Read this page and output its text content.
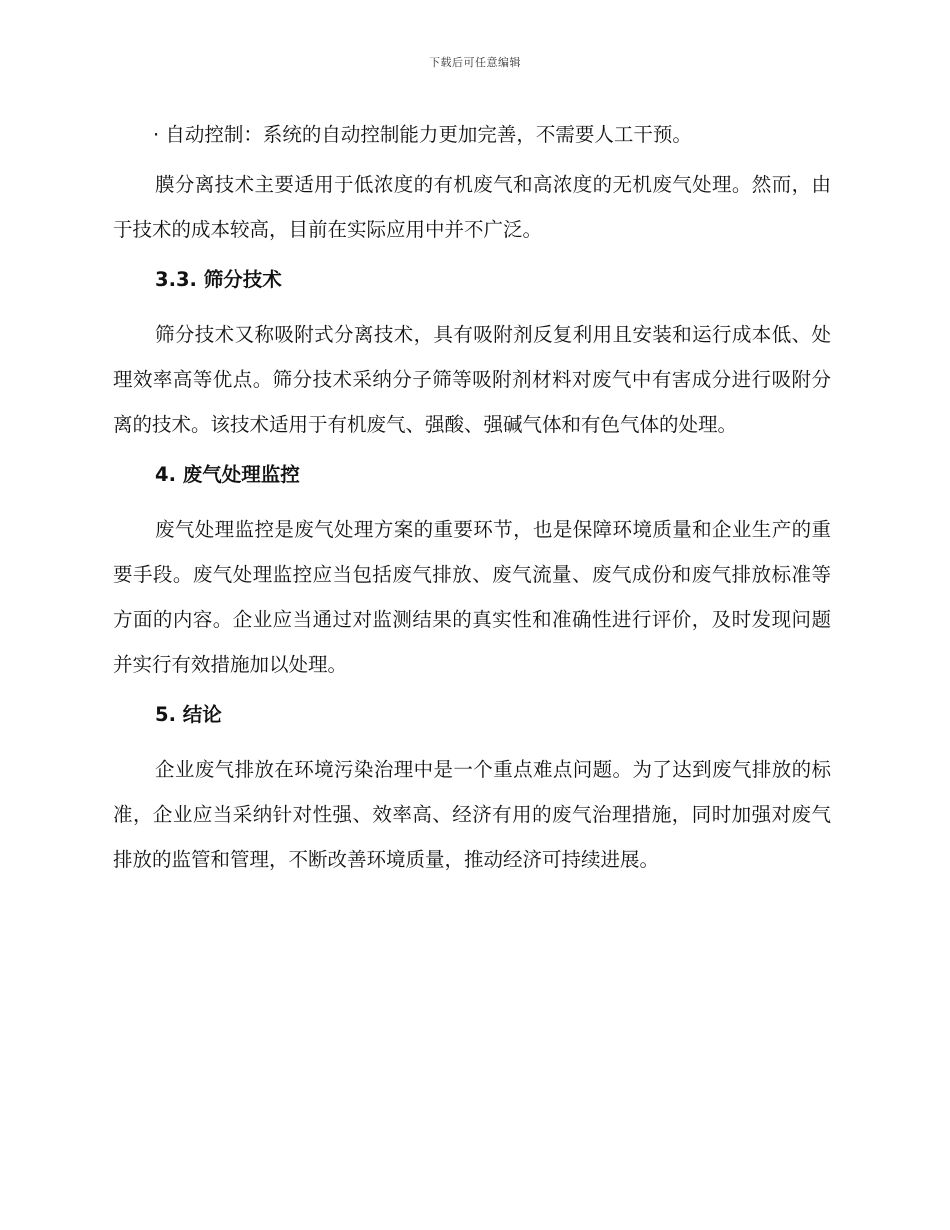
下载后可任意编辑

· 自动控制：系统的自动控制能力更加完善，不需要人工干预。

膜分离技术主要适用于低浓度的有机废气和高浓度的无机废气处理。然而，由于技术的成本较高，目前在实际应用中并不广泛。

3.3. 筛分技术

筛分技术又称吸附式分离技术，具有吸附剂反复利用且安装和运行成本低、处理效率高等优点。筛分技术采纳分子筛等吸附剂材料对废气中有害成分进行吸附分离的技术。该技术适用于有机废气、强酸、强碱气体和有色气体的处理。

4. 废气处理监控

废气处理监控是废气处理方案的重要环节，也是保障环境质量和企业生产的重要手段。废气处理监控应当包括废气排放、废气流量、废气成份和废气排放标准等方面的内容。企业应当通过对监测结果的真实性和准确性进行评价，及时发现问题并实行有效措施加以处理。

5. 结论

企业废气排放在环境污染治理中是一个重点难点问题。为了达到废气排放的标准，企业应当采纳针对性强、效率高、经济有用的废气治理措施，同时加强对废气排放的监管和管理，不断改善环境质量，推动经济可持续进展。
